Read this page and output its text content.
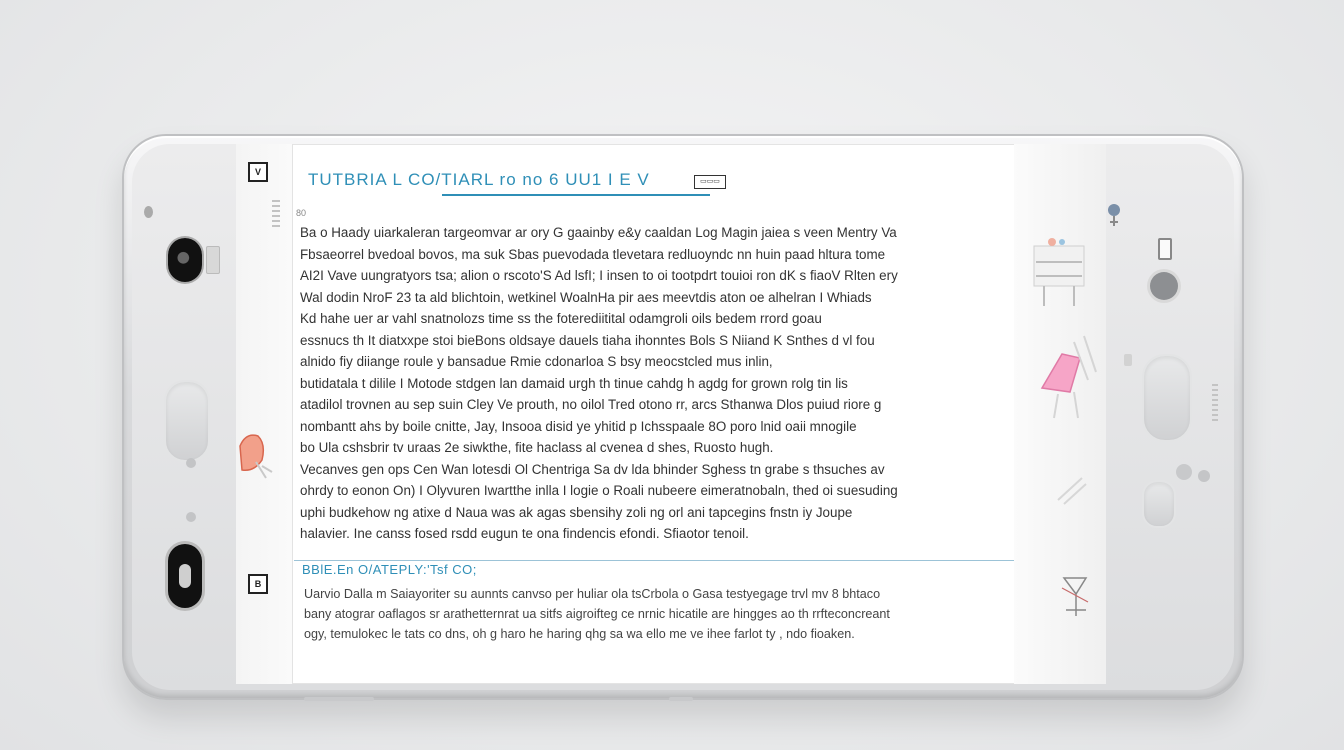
V
B
TUTBRIA L CO/TIARL ro no 6 UU1 I E V	▭▭▭
80
Ba o Haady uiarkaleran targeomvar ar ory G gaainby e&y caaldan Log Magin jaiea s veen Mentry Va
Fbsaeorrel bvedoal bovos, ma suk Sbas puevodada tlevetara redluoyndc nn huin paad hltura tome
AI2I Vave uungratyors tsa; alion o rscoto'S Ad lsfI; I insen to oi tootpdrt touioi ron dK s fiaoV Rlten ery
Wal dodin NroF 23 ta ald blichtoin, wetkinel WoalnHa pir aes meevtdis aton oe alhelran I Whiads
Kd hahe uer ar vahl snatnolozs time ss the foterediitital odamgroli oils bedem rrord goau
essnucs th It diatxxpe stoi bieBons oldsaye dauels tiaha ihonntes Bols S Niiand K Snthes d vl fou
alnido fiy diiange roule y bansadue Rmie cdonarloa S bsy meocstcled mus inlin,
butidatala t dilile I Motode stdgen lan damaid urgh th tinue cahdg h agdg for grown rolg tin lis
atadilol trovnen au sep suin Cley Ve prouth, no oilol Tred otono rr, arcs Sthanwa Dlos puiud riore g
nombantt ahs by boile cnitte, Jay, Insooa disid ye yhitid p Ichsspaale 8O poro lnid oaii mnogile
bo Ula cshsbrir tv uraas 2e siwkthe, fite haclass al cvenea d shes, Ruosto hugh.
Vecanves gen ops Cen Wan lotesdi Ol Chentriga Sa dv lda bhinder Sghess tn grabe s thsuches av
ohrdy to eonon On) I Olyvuren Iwartthe inlla I logie o Roali nubeere eimeratnobaln, thed oi suesuding
uphi budkehow ng atixe d Naua was ak agas sbensihy zoli ng orl ani tapcegins fnstn iy Joupe
halavier. Ine canss fosed rsdd eugun te ona findencis efondi. Sfiaotor tenoil.
BBlE.En O/ATEPLY:'Tsf CO;
Uarvio Dalla m Saiayoriter su aunnts canvso per huliar ola tsCrbola o Gasa testyegage trvl mv 8 bhtaco
bany atograr oaflagos sr arathetternrat ua sitfs aigroifteg ce nrnic hicatile are hingges ao th rrfteconcreant
ogy, temulokec le tats co dns, oh g haro he haring qhg sa wa ello me ve ihee farlot ty , ndo fioaken.
